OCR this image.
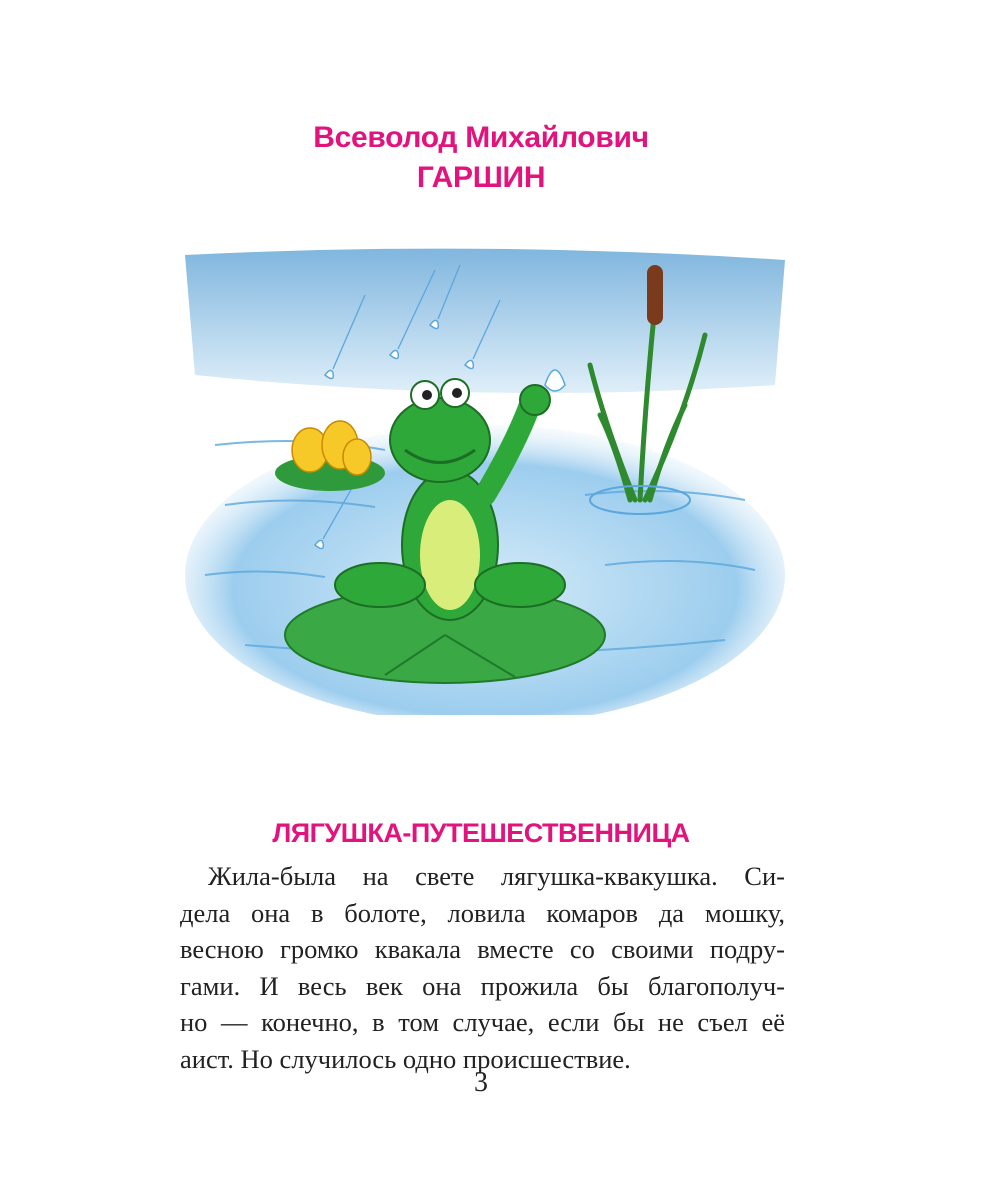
Всеволод Михайлович
ГАРШИН
ЛЯГУШКА-ПУТЕШЕСТВЕННИЦА
Жила-была на свете лягушка-квакушка. Си-
дела она в болоте, ловила комаров да мошку,
весною громко квакала вместе со своими подру-
гами. И весь век она прожила бы благополуч-
но — конечно, в том случае, если бы не съел её
аист. Но случилось одно происшествие.
3
